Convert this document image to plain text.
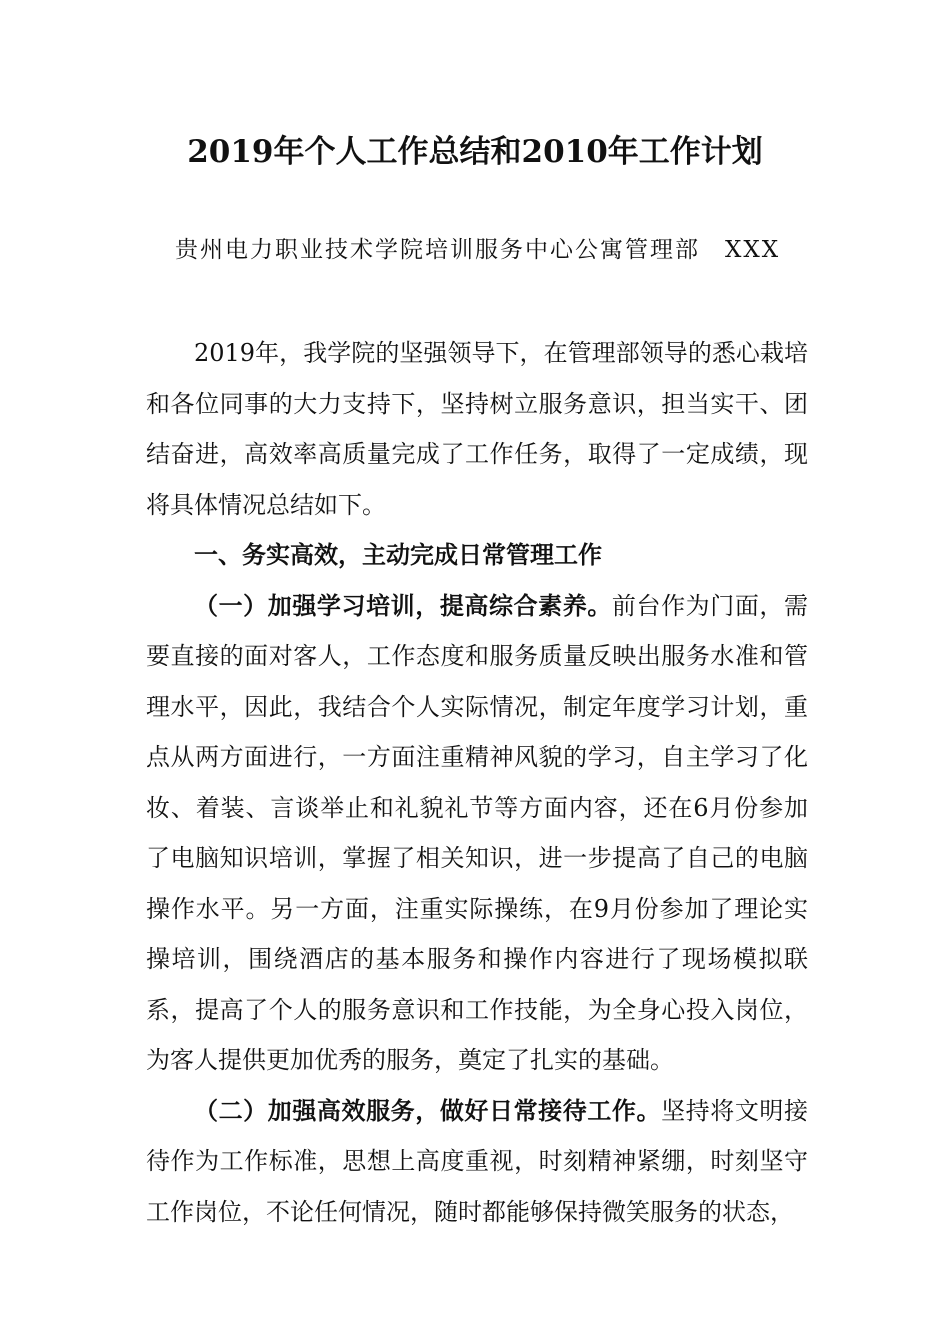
2019年个人工作总结和2010年工作计划
贵州电力职业技术学院培训服务中心公寓管理部　XXX

2019年，我学院的坚强领导下，在管理部领导的悉心栽培和各位同事的大力支持下，坚持树立服务意识，担当实干、团结奋进，高效率高质量完成了工作任务，取得了一定成绩，现将具体情况总结如下。

一、务实高效，主动完成日常管理工作

（一）加强学习培训，提高综合素养。前台作为门面，需要直接的面对客人，工作态度和服务质量反映出服务水准和管理水平，因此，我结合个人实际情况，制定年度学习计划，重点从两方面进行，一方面注重精神风貌的学习，自主学习了化妆、着装、言谈举止和礼貌礼节等方面内容，还在6月份参加了电脑知识培训，掌握了相关知识，进一步提高了自己的电脑操作水平。另一方面，注重实际操练，在9月份参加了理论实操培训，围绕酒店的基本服务和操作内容进行了现场模拟联系，提高了个人的服务意识和工作技能，为全身心投入岗位，为客人提供更加优秀的服务，奠定了扎实的基础。

（二）加强高效服务，做好日常接待工作。坚持将文明接待作为工作标准，思想上高度重视，时刻精神紧绷，时刻坚守工作岗位，不论任何情况，随时都能够保持微笑服务的状态，
